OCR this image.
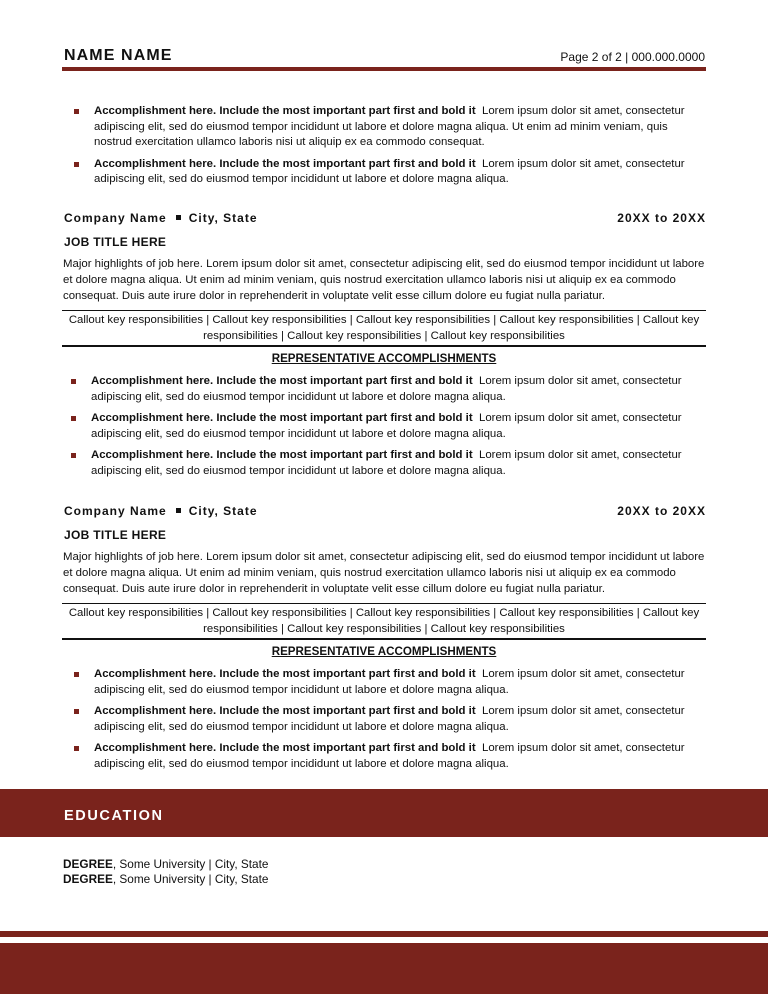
NAME NAME	Page 2 of 2 | 000.000.0000
Accomplishment here. Include the most important part first and bold it Lorem ipsum dolor sit amet, consectetur adipiscing elit, sed do eiusmod tempor incididunt ut labore et dolore magna aliqua. Ut enim ad minim veniam, quis nostrud exercitation ullamco laboris nisi ut aliquip ex ea commodo consequat.
Accomplishment here. Include the most important part first and bold it Lorem ipsum dolor sit amet, consectetur adipiscing elit, sed do eiusmod tempor incididunt ut labore et dolore magna aliqua.
Company Name City, State	20XX to 20XX
JOB TITLE HERE
Major highlights of job here. Lorem ipsum dolor sit amet, consectetur adipiscing elit, sed do eiusmod tempor incididunt ut labore et dolore magna aliqua. Ut enim ad minim veniam, quis nostrud exercitation ullamco laboris nisi ut aliquip ex ea commodo consequat. Duis aute irure dolor in reprehenderit in voluptate velit esse cillum dolore eu fugiat nulla pariatur.
Callout key responsibilities | Callout key responsibilities | Callout key responsibilities | Callout key responsibilities | Callout key responsibilities | Callout key responsibilities | Callout key responsibilities
REPRESENTATIVE ACCOMPLISHMENTS
Accomplishment here. Include the most important part first and bold it Lorem ipsum dolor sit amet, consectetur adipiscing elit, sed do eiusmod tempor incididunt ut labore et dolore magna aliqua.
Accomplishment here. Include the most important part first and bold it Lorem ipsum dolor sit amet, consectetur adipiscing elit, sed do eiusmod tempor incididunt ut labore et dolore magna aliqua.
Accomplishment here. Include the most important part first and bold it Lorem ipsum dolor sit amet, consectetur adipiscing elit, sed do eiusmod tempor incididunt ut labore et dolore magna aliqua.
Company Name City, State	20XX to 20XX
JOB TITLE HERE
Major highlights of job here. Lorem ipsum dolor sit amet, consectetur adipiscing elit, sed do eiusmod tempor incididunt ut labore et dolore magna aliqua. Ut enim ad minim veniam, quis nostrud exercitation ullamco laboris nisi ut aliquip ex ea commodo consequat. Duis aute irure dolor in reprehenderit in voluptate velit esse cillum dolore eu fugiat nulla pariatur.
Callout key responsibilities | Callout key responsibilities | Callout key responsibilities | Callout key responsibilities | Callout key responsibilities | Callout key responsibilities | Callout key responsibilities
REPRESENTATIVE ACCOMPLISHMENTS
Accomplishment here. Include the most important part first and bold it Lorem ipsum dolor sit amet, consectetur adipiscing elit, sed do eiusmod tempor incididunt ut labore et dolore magna aliqua.
Accomplishment here. Include the most important part first and bold it Lorem ipsum dolor sit amet, consectetur adipiscing elit, sed do eiusmod tempor incididunt ut labore et dolore magna aliqua.
Accomplishment here. Include the most important part first and bold it Lorem ipsum dolor sit amet, consectetur adipiscing elit, sed do eiusmod tempor incididunt ut labore et dolore magna aliqua.
EDUCATION
DEGREE, Some University | City, State
DEGREE, Some University | City, State
